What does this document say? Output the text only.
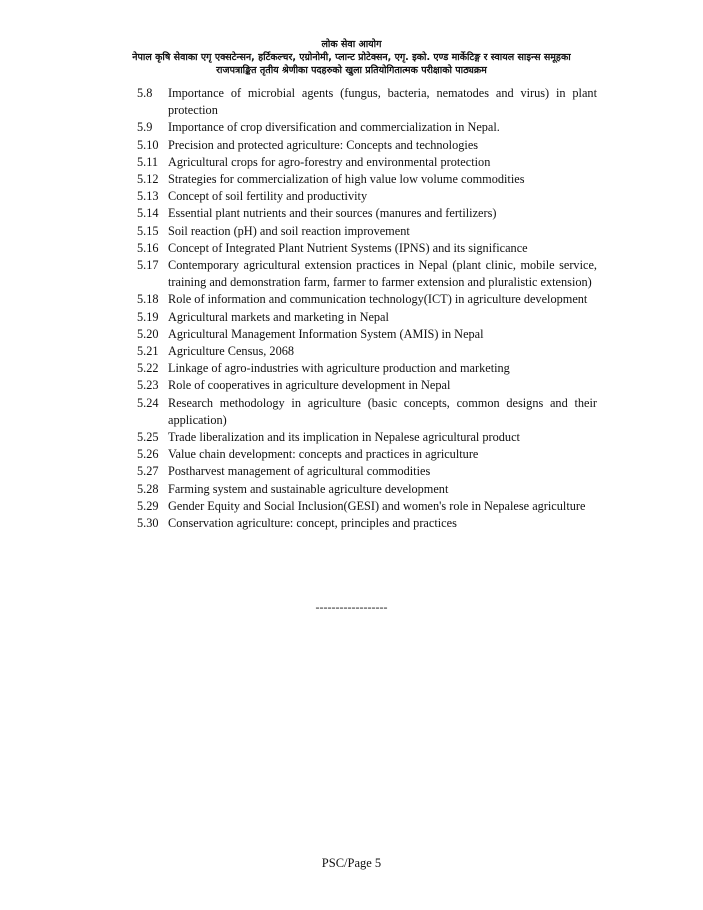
लोक सेवा आयोग
नेपाल कृषि सेवाका एगृ एक्सटेन्सन, हर्टिकल्चर, एग्रोनोमी, प्लान्ट प्रोटेक्सन, एगृ. इको. एण्ड मार्केटिङ्ग र स्वायल साइन्स समूहका
राजपत्राङ्कित तृतीय श्रेणीका पदहरुको खुला प्रतियोगितात्मक परीक्षाको पाठ्यक्रम
5.8	Importance of microbial agents (fungus, bacteria, nematodes and virus) in plant protection
5.9	Importance of crop diversification and commercialization in Nepal.
5.10 Precision and protected agriculture: Concepts and technologies
5.11 Agricultural crops for agro-forestry and environmental protection
5.12 Strategies for commercialization of high value low volume commodities
5.13 Concept of soil fertility and productivity
5.14 Essential plant nutrients and their sources (manures and fertilizers)
5.15 Soil reaction (pH) and soil reaction improvement
5.16 Concept of Integrated Plant Nutrient Systems (IPNS) and its significance
5.17 Contemporary agricultural extension practices in Nepal (plant clinic, mobile service, training and demonstration farm, farmer to farmer extension and pluralistic extension)
5.18 Role of information and communication technology(ICT) in agriculture development
5.19 Agricultural markets and marketing in Nepal
5.20 Agricultural Management Information System (AMIS) in Nepal
5.21 Agriculture Census, 2068
5.22 Linkage of agro-industries with agriculture production and marketing
5.23 Role of cooperatives in agriculture development in Nepal
5.24 Research methodology in agriculture (basic concepts, common designs and their application)
5.25 Trade liberalization and its implication in Nepalese agricultural product
5.26 Value chain development: concepts and practices in agriculture
5.27 Postharvest management of agricultural commodities
5.28 Farming system and sustainable agriculture development
5.29 Gender Equity and Social Inclusion(GESI) and women's role in Nepalese agriculture
5.30 Conservation agriculture: concept, principles and practices
------------------
PSC/Page 5
